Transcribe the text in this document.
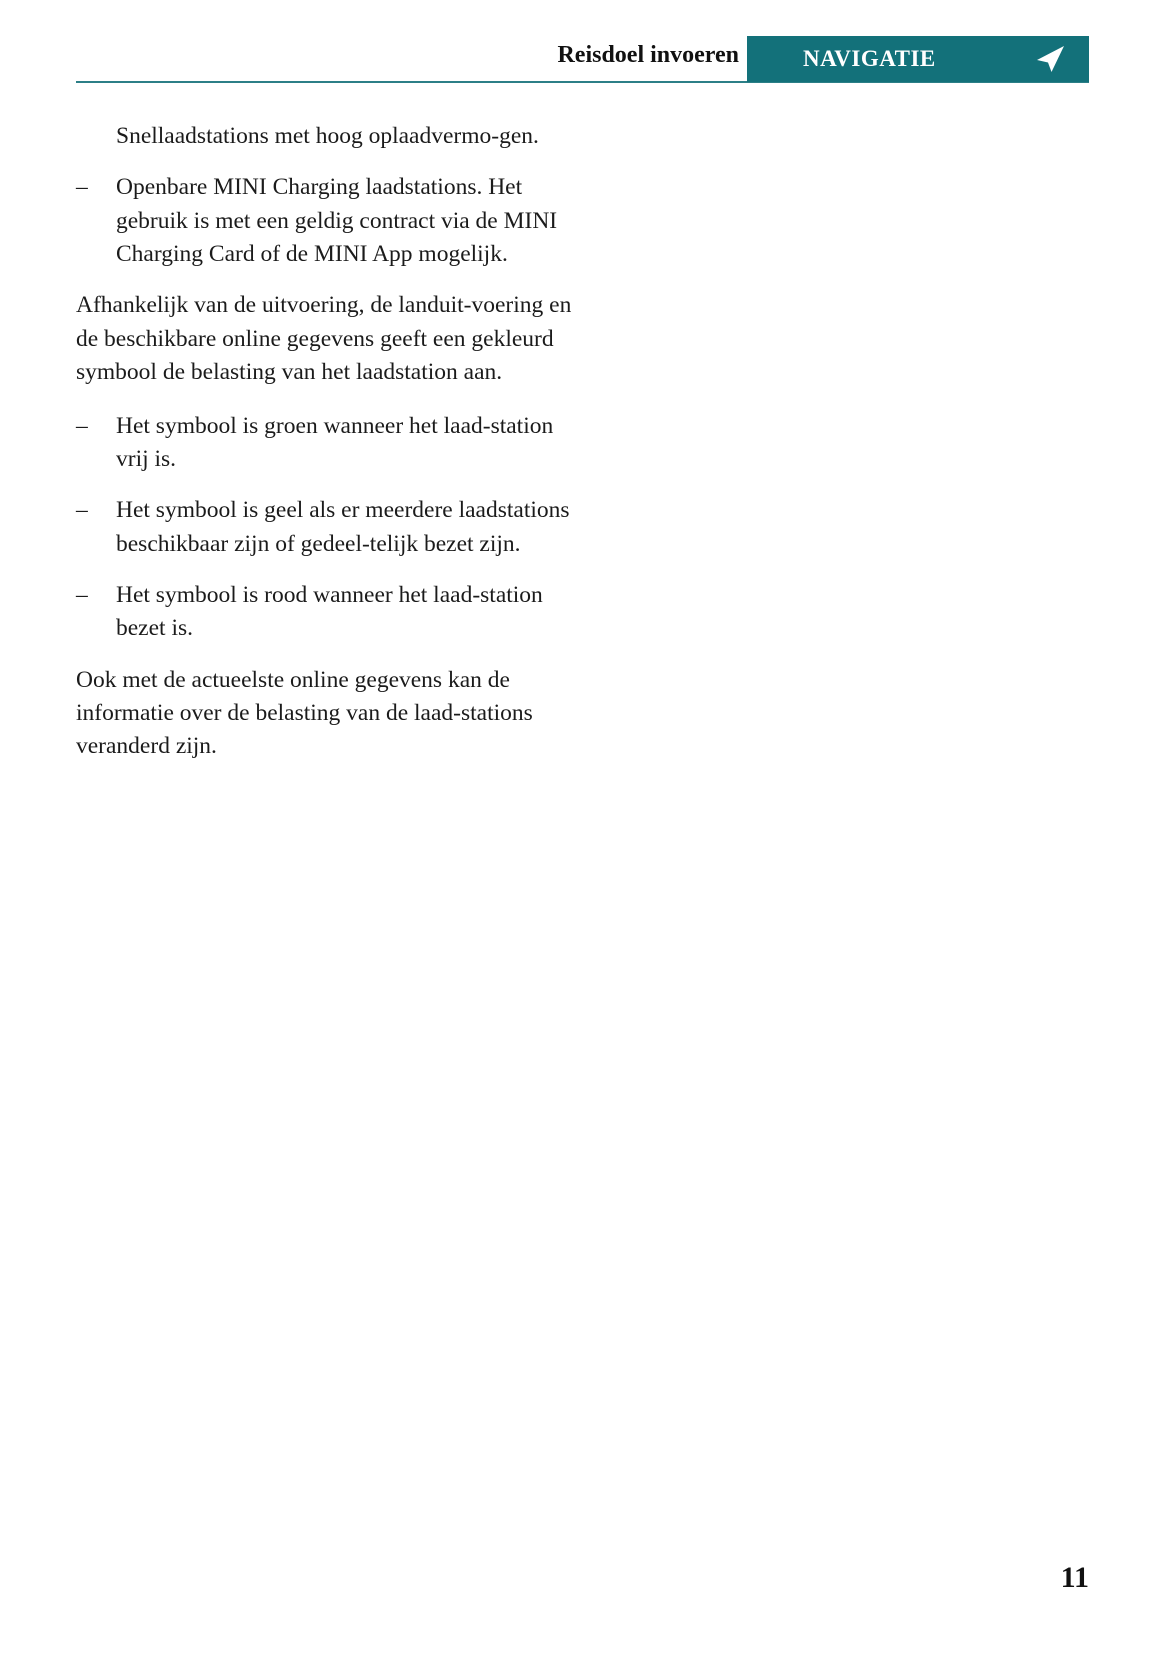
Reisdoel invoeren	NAVIGATIE
Snellaadstations met hoog oplaadvermo-gen.
– Openbare MINI Charging laadstations. Het gebruik is met een geldig contract via de MINI Charging Card of de MINI App mogelijk.

Afhankelijk van de uitvoering, de landuit-voering en de beschikbare online gegevens geeft een gekleurd symbool de belasting van het laadstation aan.

– Het symbool is groen wanneer het laad-station vrij is.
– Het symbool is geel als er meerdere laadstations beschikbaar zijn of gedeel-telijk bezet zijn.
– Het symbool is rood wanneer het laad-station bezet is.

Ook met de actueelste online gegevens kan de informatie over de belasting van de laad-stations veranderd zijn.

11
